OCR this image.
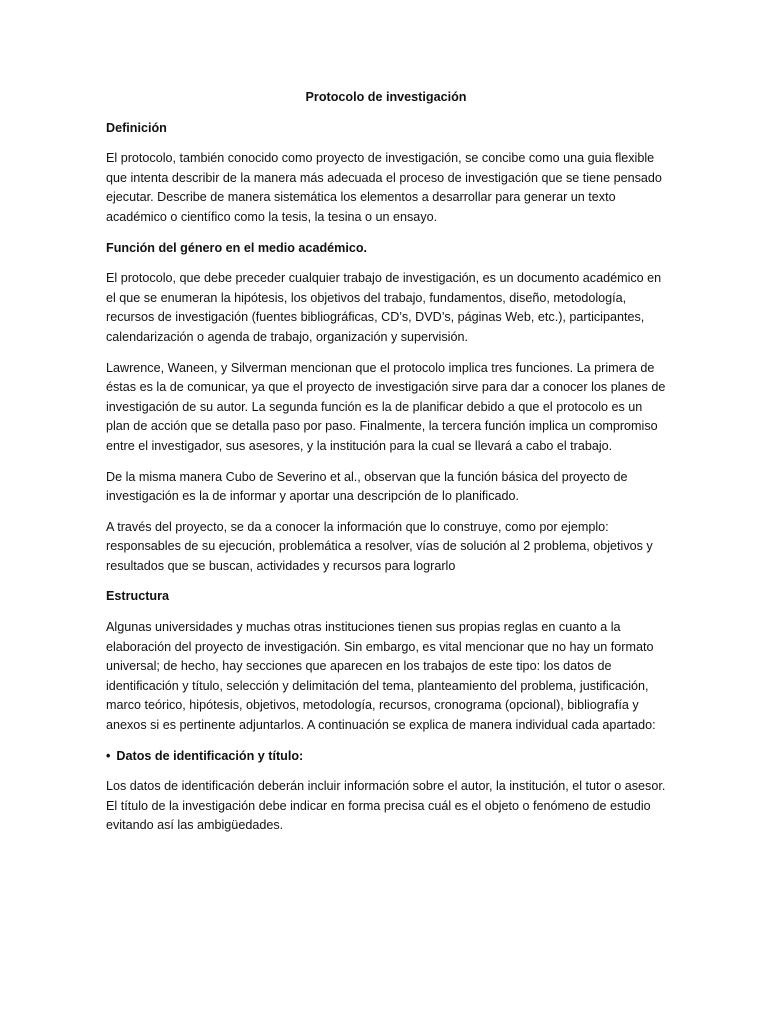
Protocolo de investigación
Definición
El protocolo, también conocido como proyecto de investigación, se concibe como una guia flexible que intenta describir de la manera más adecuada el proceso de investigación que se tiene pensado ejecutar. Describe de manera sistemática los elementos a desarrollar para generar un texto académico o científico como la tesis, la tesina o un ensayo.
Función del género en el medio académico.
El protocolo, que debe preceder cualquier trabajo de investigación, es un documento académico en el que se enumeran la hipótesis, los objetivos del trabajo, fundamentos, diseño, metodología, recursos de investigación (fuentes bibliográficas, CD’s, DVD’s, páginas Web, etc.), participantes, calendarización o agenda de trabajo, organización y supervisión.
Lawrence, Waneen, y Silverman mencionan que el protocolo implica tres funciones. La primera de éstas es la de comunicar, ya que el proyecto de investigación sirve para dar a conocer los planes de investigación de su autor. La segunda función es la de planificar debido a que el protocolo es un plan de acción que se detalla paso por paso. Finalmente, la tercera función implica un compromiso entre el investigador, sus asesores, y la institución para la cual se llevará a cabo el trabajo.
De la misma manera Cubo de Severino et al., observan que la función básica del proyecto de investigación es la de informar y aportar una descripción de lo planificado.
A través del proyecto, se da a conocer la información que lo construye, como por ejemplo: responsables de su ejecución, problemática a resolver, vías de solución al 2 problema, objetivos y resultados que se buscan, actividades y recursos para lograrlo
Estructura
Algunas universidades y muchas otras instituciones tienen sus propias reglas en cuanto a la elaboración del proyecto de investigación. Sin embargo, es vital mencionar que no hay un formato universal; de hecho, hay secciones que aparecen en los trabajos de este tipo: los datos de identificación y título, selección y delimitación del tema, planteamiento del problema, justificación, marco teórico, hipótesis, objetivos, metodología, recursos, cronograma (opcional), bibliografía y anexos si es pertinente adjuntarlos. A continuación se explica de manera individual cada apartado:
• Datos de identificación y título:
Los datos de identificación deberán incluir información sobre el autor, la institución, el tutor o asesor. El título de la investigación debe indicar en forma precisa cuál es el objeto o fenómeno de estudio evitando así las ambigüedades.
